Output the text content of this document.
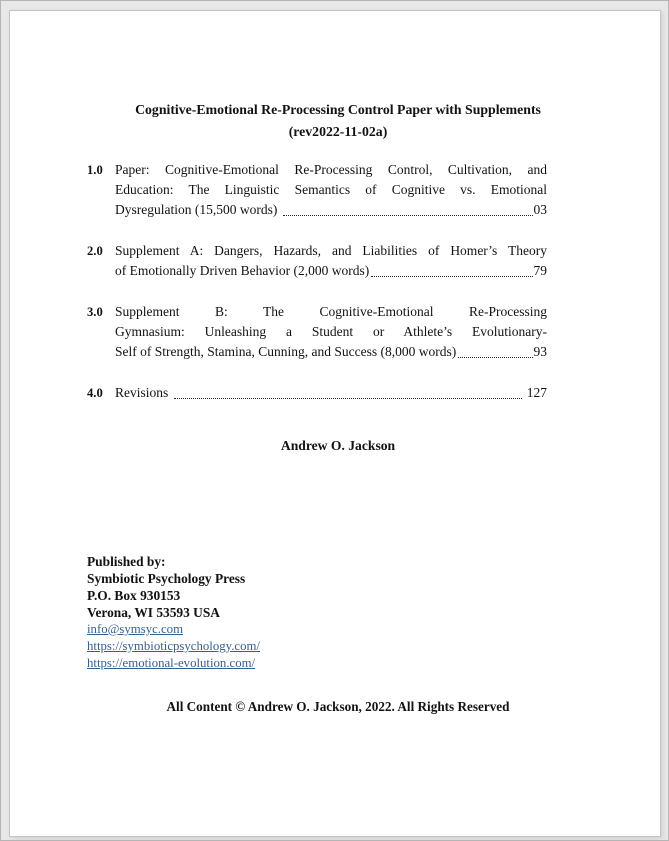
Cognitive-Emotional Re-Processing Control Paper with Supplements
(rev2022-11-02a)
1.0 Paper: Cognitive-Emotional Re-Processing Control, Cultivation, and
Education: The Linguistic Semantics of Cognitive vs. Emotional
Dysregulation (15,500 words)	03
2.0 Supplement A: Dangers, Hazards, and Liabilities of Homer’s Theory
of Emotionally Driven Behavior (2,000 words)	79
3.0 Supplement B: The Cognitive-Emotional Re-Processing
Gymnasium: Unleashing a Student or Athlete’s Evolutionary-
Self of Strength, Stamina, Cunning, and Success (8,000 words)	93
4.0 Revisions	127
Andrew O. Jackson
Published by:
Symbiotic Psychology Press
P.O. Box 930153
Verona, WI 53593 USA
info@symsyc.com
https://symbioticpsychology.com/
https://emotional-evolution.com/
All Content © Andrew O. Jackson, 2022. All Rights Reserved
